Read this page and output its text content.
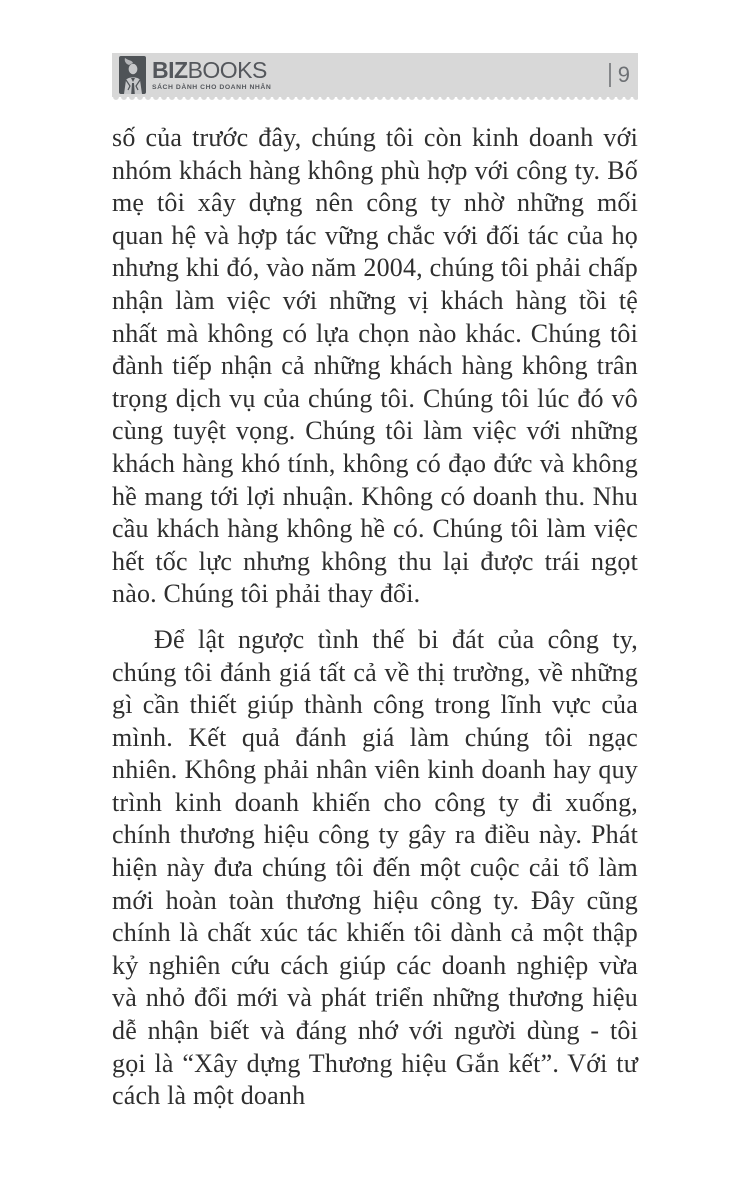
BIZBOOKS
SÁCH DÀNH CHO DOANH NHÂN
9

số của trước đây, chúng tôi còn kinh doanh với nhóm khách hàng không phù hợp với công ty. Bố mẹ tôi xây dựng nên công ty nhờ những mối quan hệ và hợp tác vững chắc với đối tác của họ nhưng khi đó, vào năm 2004, chúng tôi phải chấp nhận làm việc với những vị khách hàng tồi tệ nhất mà không có lựa chọn nào khác. Chúng tôi đành tiếp nhận cả những khách hàng không trân trọng dịch vụ của chúng tôi. Chúng tôi lúc đó vô cùng tuyệt vọng. Chúng tôi làm việc với những khách hàng khó tính, không có đạo đức và không hề mang tới lợi nhuận. Không có doanh thu. Nhu cầu khách hàng không hề có. Chúng tôi làm việc hết tốc lực nhưng không thu lại được trái ngọt nào. Chúng tôi phải thay đổi.

Để lật ngược tình thế bi đát của công ty, chúng tôi đánh giá tất cả về thị trường, về những gì cần thiết giúp thành công trong lĩnh vực của mình. Kết quả đánh giá làm chúng tôi ngạc nhiên. Không phải nhân viên kinh doanh hay quy trình kinh doanh khiến cho công ty đi xuống, chính thương hiệu công ty gây ra điều này. Phát hiện này đưa chúng tôi đến một cuộc cải tổ làm mới hoàn toàn thương hiệu công ty. Đây cũng chính là chất xúc tác khiến tôi dành cả một thập kỷ nghiên cứu cách giúp các doanh nghiệp vừa và nhỏ đổi mới và phát triển những thương hiệu dễ nhận biết và đáng nhớ với người dùng - tôi gọi là “Xây dựng Thương hiệu Gắn kết”. Với tư cách là một doanh
